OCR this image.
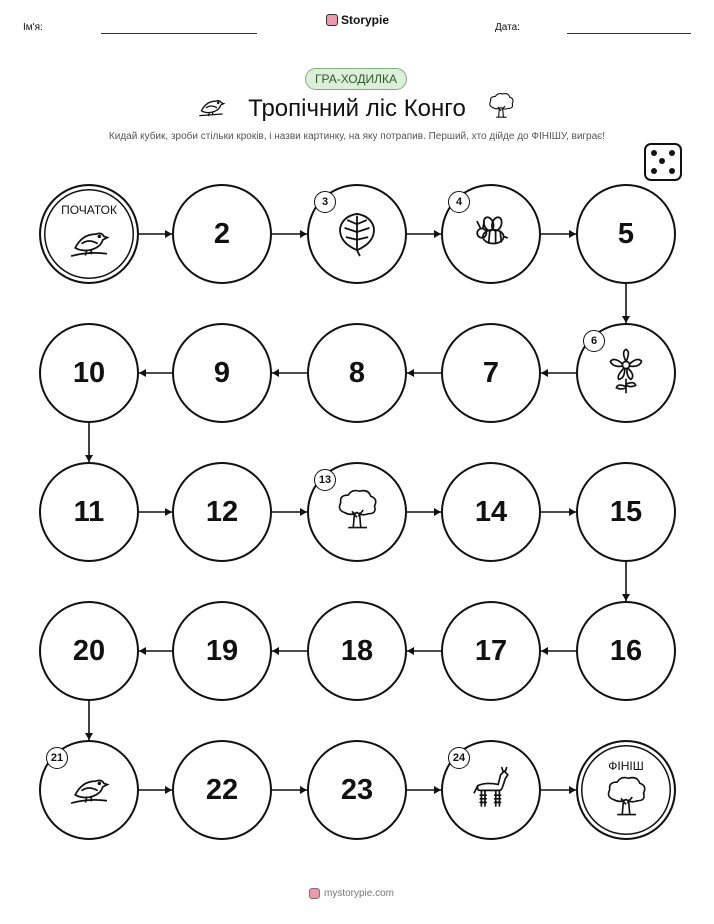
Ім'я:
Storypie
Дата:
ГРА-ХОДИЛКА
Тропічний ліс Конго
Кидай кубик, зроби стільки кроків, і назви картинку, на яку потрапив. Перший, хто дійде до ФІНІШУ, виграє!
ПОЧАТОК
2
3	4
5
6
7
8
9
10
11	12
13
14	15
16
17
18
19
20
21
22	23
24
ФІНІШ
mystorypie.com
